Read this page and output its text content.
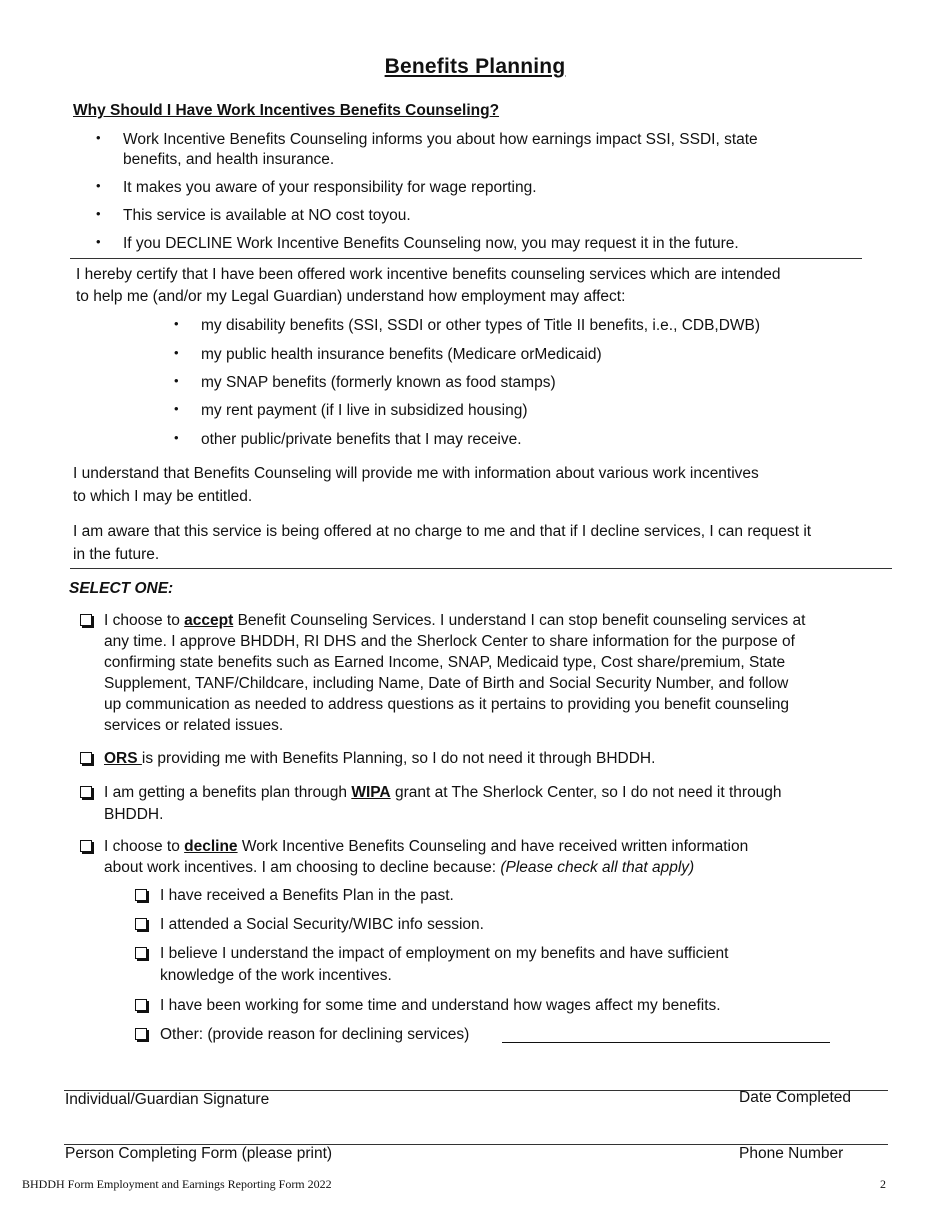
Benefits Planning
Why Should I Have Work Incentives Benefits Counseling?
• Work Incentive Benefits Counseling informs you about how earnings impact SSI, SSDI, state
benefits, and health insurance.
• It makes you aware of your responsibility for wage reporting.
• This service is available at NO cost toyou.
• If you DECLINE Work Incentive Benefits Counseling now, you may request it in the future.
I hereby certify that I have been offered work incentive benefits counseling services which are intended
to help me (and/or my Legal Guardian) understand how employment may affect:
• my disability benefits (SSI, SSDI or other types of Title II benefits, i.e., CDB,DWB)
• my public health insurance benefits (Medicare orMedicaid)
• my SNAP benefits (formerly known as food stamps)
• my rent payment (if I live in subsidized housing)
• other public/private benefits that I may receive.
I understand that Benefits Counseling will provide me with information about various work incentives
to which I may be entitled.
I am aware that this service is being offered at no charge to me and that if I decline services, I can request it
in the future.
SELECT ONE:
I choose to accept Benefit Counseling Services. I understand I can stop benefit counseling services at
any time. I approve BHDDH, RI DHS and the Sherlock Center to share information for the purpose of
confirming state benefits such as Earned Income, SNAP, Medicaid type, Cost share/premium, State
Supplement, TANF/Childcare, including Name, Date of Birth and Social Security Number, and follow
up communication as needed to address questions as it pertains to providing you benefit counseling
services or related issues.
ORS is providing me with Benefits Planning, so I do not need it through BHDDH.
I am getting a benefits plan through WIPA grant at The Sherlock Center, so I do not need it through
BHDDH.
I choose to decline Work Incentive Benefits Counseling and have received written information
about work incentives. I am choosing to decline because: (Please check all that apply)
I have received a Benefits Plan in the past.
I attended a Social Security/WIBC info session.
I believe I understand the impact of employment on my benefits and have sufficient
knowledge of the work incentives.
I have been working for some time and understand how wages affect my benefits.
Other: (provide reason for declining services)
Individual/Guardian Signature	Date Completed
Person Completing Form (please print)	Phone Number
BHDDH Form Employment and Earnings Reporting Form 2022	2
